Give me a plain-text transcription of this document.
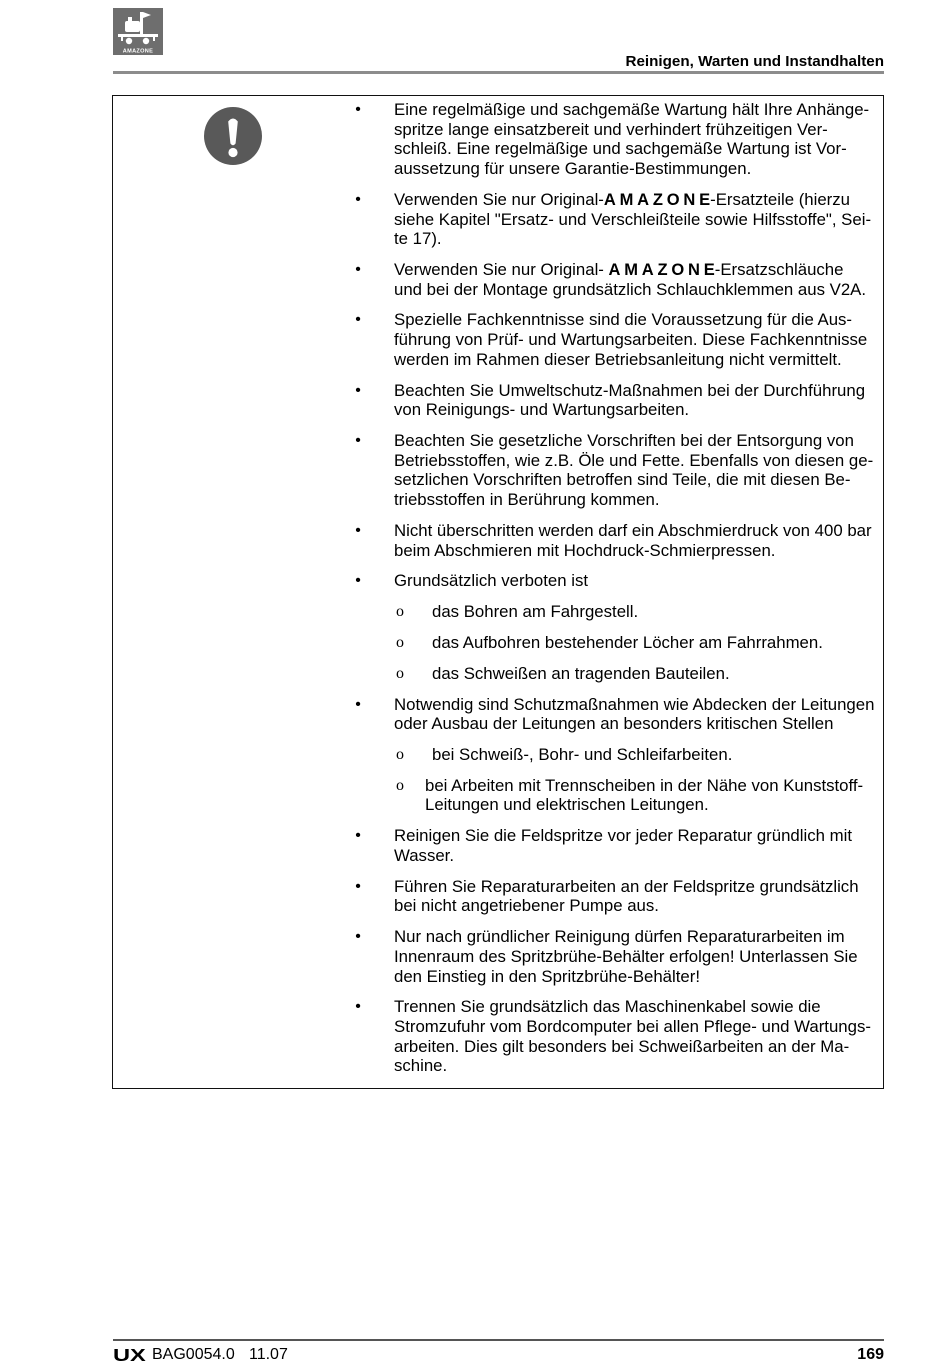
AMAZONE
Reinigen, Warten und Instandhalten
• Eine regelmäßige und sachgemäße Wartung hält Ihre Anhänge-
spritze lange einsatzbereit und verhindert frühzeitigen Ver-
schleiß. Eine regelmäßige und sachgemäße Wartung ist Vor-
aussetzung für unsere Garantie-Bestimmungen.
• Verwenden Sie nur Original-AMAZONE-Ersatzteile (hierzu
siehe Kapitel "Ersatz- und Verschleißteile sowie Hilfsstoffe", Sei-
te 17).
• Verwenden Sie nur Original- AMAZONE-Ersatzschläuche
und bei der Montage grundsätzlich Schlauchklemmen aus V2A.
• Spezielle Fachkenntnisse sind die Voraussetzung für die Aus-
führung von Prüf- und Wartungsarbeiten. Diese Fachkenntnisse
werden im Rahmen dieser Betriebsanleitung nicht vermittelt.
• Beachten Sie Umweltschutz-Maßnahmen bei der Durchführung
von Reinigungs- und Wartungsarbeiten.
• Beachten Sie gesetzliche Vorschriften bei der Entsorgung von
Betriebsstoffen, wie z.B. Öle und Fette. Ebenfalls von diesen ge-
setzlichen Vorschriften betroffen sind Teile, die mit diesen Be-
triebsstoffen in Berührung kommen.
• Nicht überschritten werden darf ein Abschmierdruck von 400 bar
beim Abschmieren mit Hochdruck-Schmierpressen.
• Grundsätzlich verboten ist
o das Bohren am Fahrgestell.
o das Aufbohren bestehender Löcher am Fahrrahmen.
o das Schweißen an tragenden Bauteilen.
• Notwendig sind Schutzmaßnahmen wie Abdecken der Leitungen
oder Ausbau der Leitungen an besonders kritischen Stellen
o bei Schweiß-, Bohr- und Schleifarbeiten.
o bei Arbeiten mit Trennscheiben in der Nähe von Kunststoff-
Leitungen und elektrischen Leitungen.
• Reinigen Sie die Feldspritze vor jeder Reparatur gründlich mit
Wasser.
• Führen Sie Reparaturarbeiten an der Feldspritze grundsätzlich
bei nicht angetriebener Pumpe aus.
• Nur nach gründlicher Reinigung dürfen Reparaturarbeiten im
Innenraum des Spritzbrühe-Behälter erfolgen! Unterlassen Sie
den Einstieg in den Spritzbrühe-Behälter!
• Trennen Sie grundsätzlich das Maschinenkabel sowie die
Stromzufuhr vom Bordcomputer bei allen Pflege- und Wartungs-
arbeiten. Dies gilt besonders bei Schweißarbeiten an der Ma-
schine.
UX BAG0054.0 11.07	169
